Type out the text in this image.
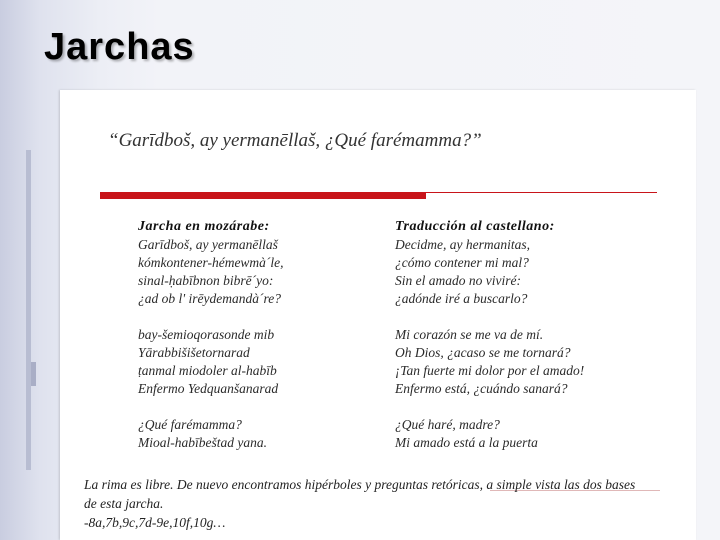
Jarchas

“Garīdboš, ay yermanēllaš, ¿Qué farémamma?”

Jarcha en mozárabe:
Garīdboš, ay yermanēllaš
kómkontener-hémewmà´le,
sinal-ḥabībnon bibrē´yo:
¿ad ob l' irēydemandà´re?
bay-šemioqorasonde mib
Yārabbišišetornarad
ṭanmal miodoler al-habīb
Enfermo Yedquanšanarad
¿Qué farémamma?
Mioal-habībeštad yana.
Traducción al castellano:
Decidme, ay hermanitas,
¿cómo contener mi mal?
Sin el amado no viviré:
¿adónde iré a buscarlo?
Mi corazón se me va de mí.
Oh Dios, ¿acaso se me tornará?
¡Tan fuerte mi dolor por el amado!
Enfermo está, ¿cuándo sanará?
¿Qué haré, madre?
Mi amado está a la puerta
La rima es libre. De nuevo encontramos hipérboles y preguntas retóricas, a simple vista las dos bases
de esta jarcha.
-8a,7b,9c,7d-9e,10f,10g…
